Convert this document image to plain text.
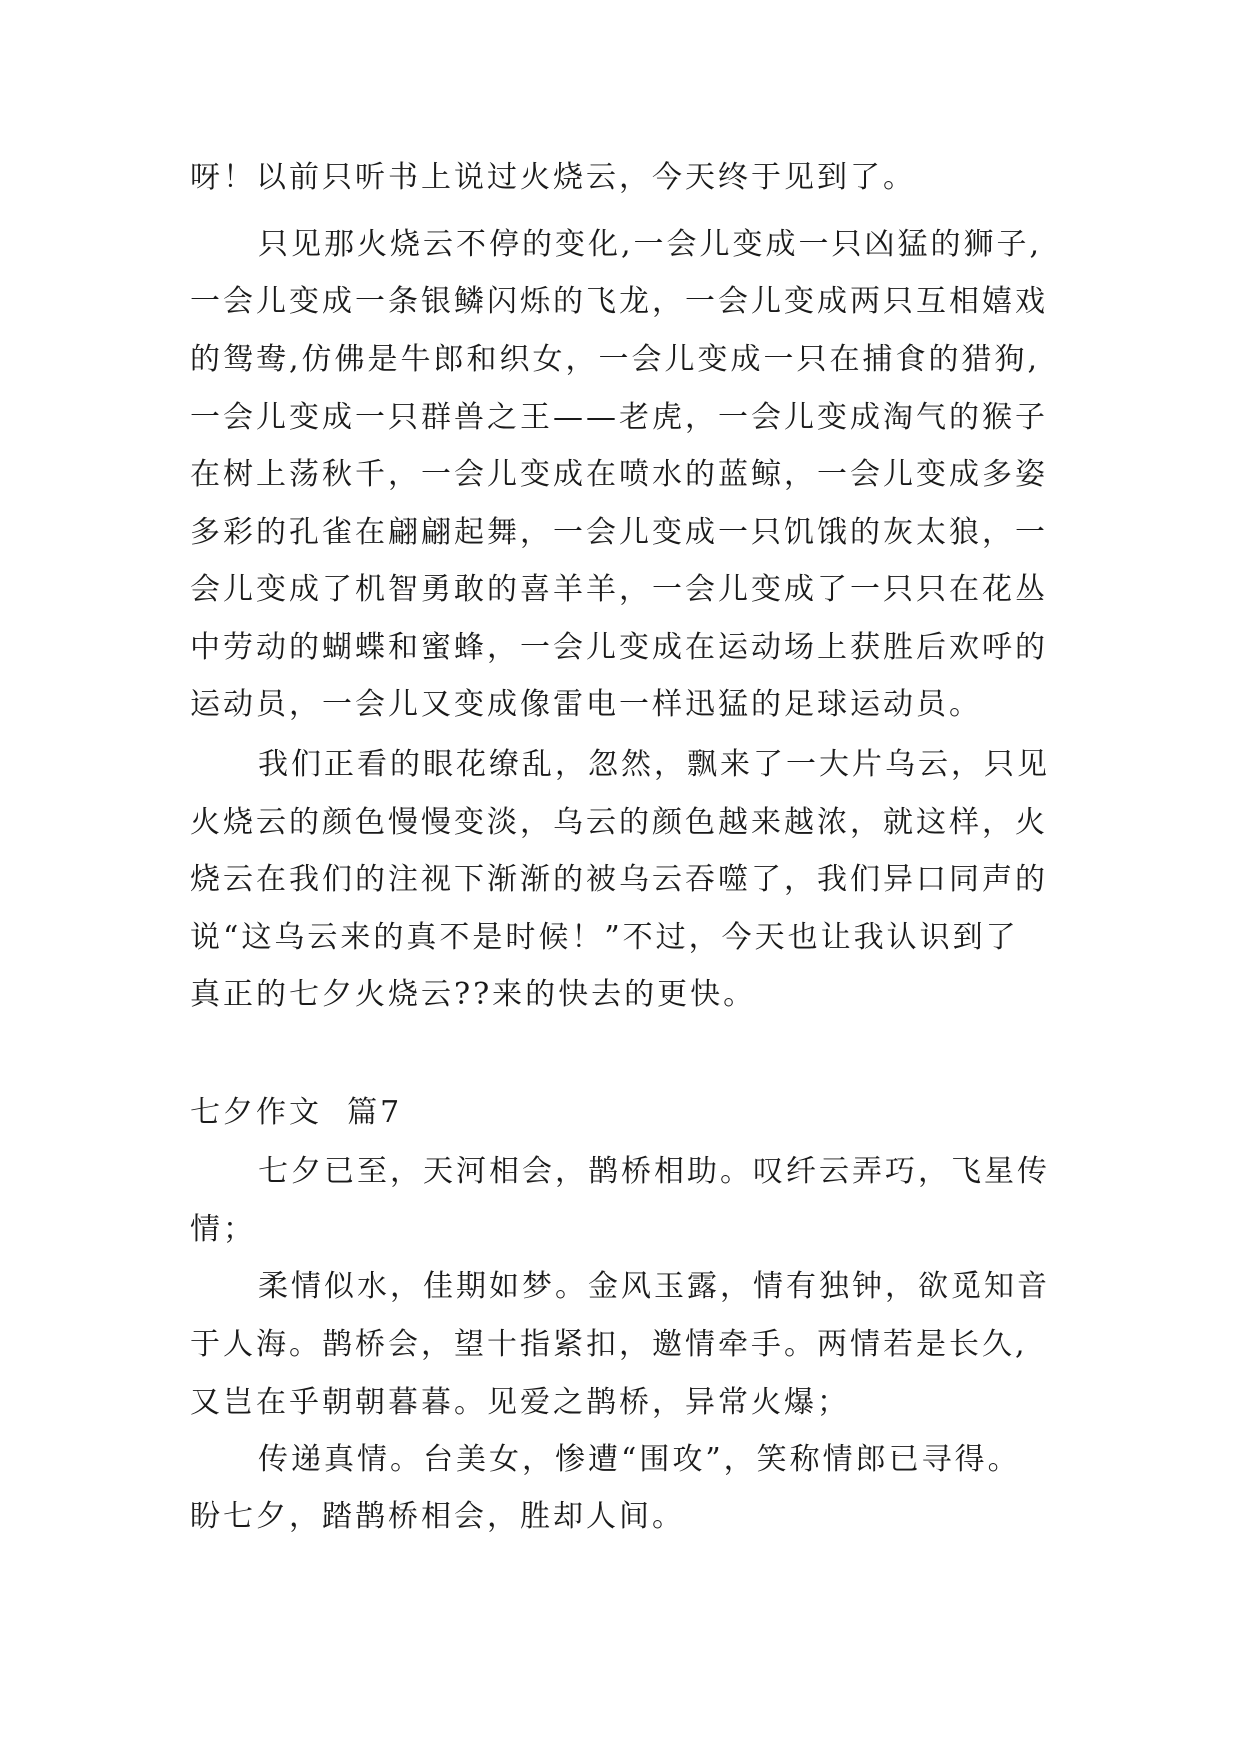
呀！以前只听书上说过火烧云，今天终于见到了。
只见那火烧云不停的变化,一会儿变成一只凶猛的狮子,
一会儿变成一条银鳞闪烁的飞龙，一会儿变成两只互相嬉戏
的鸳鸯,仿佛是牛郎和织女，一会儿变成一只在捕食的猎狗,
一会儿变成一只群兽之王——老虎，一会儿变成淘气的猴子
在树上荡秋千，一会儿变成在喷水的蓝鲸，一会儿变成多姿
多彩的孔雀在翩翩起舞，一会儿变成一只饥饿的灰太狼，一
会儿变成了机智勇敢的喜羊羊，一会儿变成了一只只在花丛
中劳动的蝴蝶和蜜蜂，一会儿变成在运动场上获胜后欢呼的
运动员，一会儿又变成像雷电一样迅猛的足球运动员。
我们正看的眼花缭乱，忽然，飘来了一大片乌云，只见
火烧云的颜色慢慢变淡，乌云的颜色越来越浓，就这样，火
烧云在我们的注视下渐渐的被乌云吞噬了，我们异口同声的
说“这乌云来的真不是时候！”不过，今天也让我认识到了
真正的七夕火烧云??来的快去的更快。
七夕作文  篇7
七夕已至，天河相会，鹊桥相助。叹纤云弄巧，飞星传
情；
柔情似水，佳期如梦。金风玉露，情有独钟，欲觅知音
于人海。鹊桥会，望十指紧扣，邀情牵手。两情若是长久,
又岂在乎朝朝暮暮。见爱之鹊桥，异常火爆；
传递真情。台美女，惨遭“围攻”，笑称情郎已寻得。
盼七夕，踏鹊桥相会，胜却人间。
